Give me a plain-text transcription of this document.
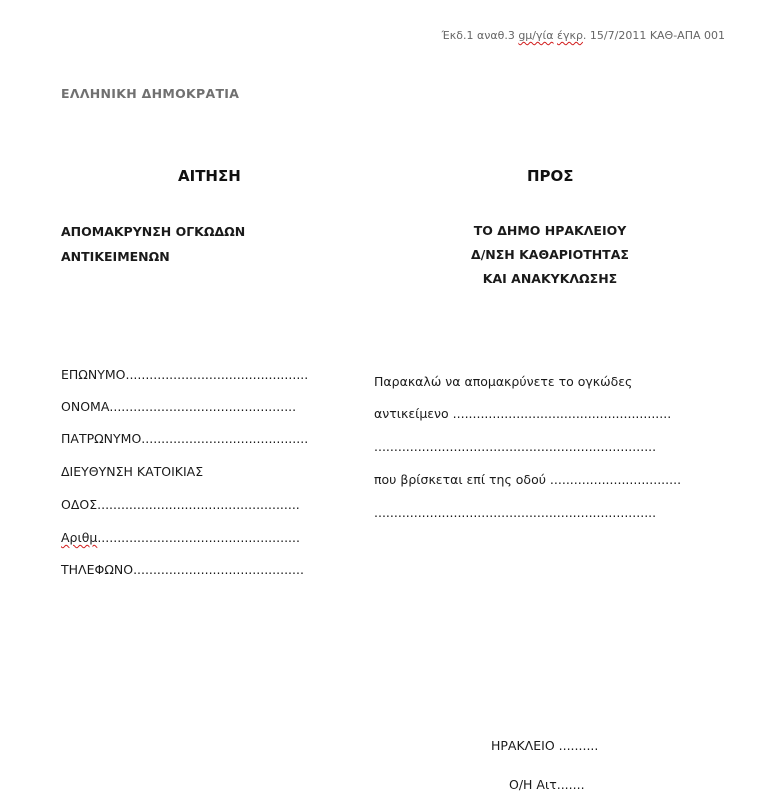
Έκδ.1 αναθ.3 gμ/γία έγκρ. 15/7/2011 ΚΑΘ-ΑΠΑ 001
ΕΛΛΗΝΙΚΗ ΔΗΜΟΚΡΑΤΙΑ
ΑΙΤΗΣΗ	ΠΡΟΣ
ΑΠΟΜΑΚΡΥΝΣΗ ΟΓΚΩΔΩΝ
ΑΝΤΙΚΕΙΜΕΝΩΝ
ΤΟ ΔΗΜΟ ΗΡΑΚΛΕΙΟΥ
Δ/ΝΣΗ ΚΑΘΑΡΙΟΤΗΤΑΣ
ΚΑΙ ΑΝΑΚΥΚΛΩΣΗΣ
ΕΠΩΝΥΜΟ..............................................
ΟΝΟΜΑ...............................................
ΠΑΤΡΩΝΥΜΟ..........................................
ΔΙΕΥΘΥΝΣΗ ΚΑΤΟΙΚΙΑΣ
ΟΔΟΣ...................................................
Αριθμ...................................................
ΤΗΛΕΦΩΝΟ...........................................
Παρακαλώ να απομακρύνετε το ογκώδες
αντικείμενο .......................................................
.......................................................................
που βρίσκεται επί της οδού .................................
.......................................................................
ΗΡΑΚΛΕΙΟ ..........
Ο/Η Αιτ.......
